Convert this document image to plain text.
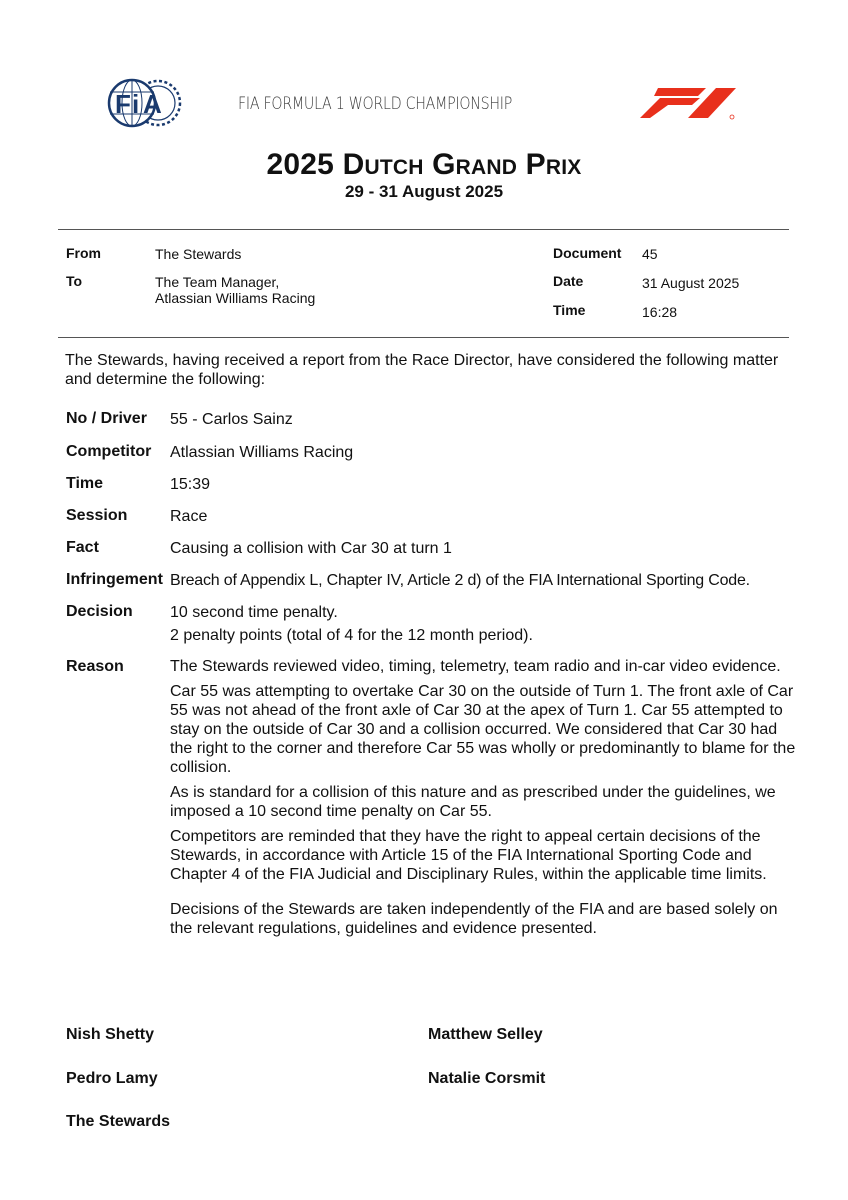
F i A	FIA FORMULA 1 WORLD CHAMPIONSHIP
2025 Dutch Grand Prix
29 - 31 August 2025
From	The Stewards
To	The Team Manager,
Atlassian Williams Racing
Document 45
Date	31 August 2025
Time	16:28
The Stewards, having received a report from the Race Director, have considered the following matter and determine the following:
No / Driver 55 - Carlos Sainz
Competitor Atlassian Williams Racing
Time	15:39
Session	Race
Fact	Causing a collision with Car 30 at turn 1
Infringement Breach of Appendix L, Chapter IV, Article 2 d) of the FIA International Sporting Code.
Decision 10 second time penalty.
2 penalty points (total of 4 for the 12 month period).
Reason	The Stewards reviewed video, timing, telemetry, team radio and in-car video evidence.

Car 55 was attempting to overtake Car 30 on the outside of Turn 1. The front axle of Car 55 was not ahead of the front axle of Car 30 at the apex of Turn 1. Car 55 attempted to stay on the outside of Car 30 and a collision occurred. We considered that Car 30 had the right to the corner and therefore Car 55 was wholly or predominantly to blame for the collision.

As is standard for a collision of this nature and as prescribed under the guidelines, we imposed a 10 second time penalty on Car 55.

Competitors are reminded that they have the right to appeal certain decisions of the Stewards, in accordance with Article 15 of the FIA International Sporting Code and Chapter 4 of the FIA Judicial and Disciplinary Rules, within the applicable time limits.

Decisions of the Stewards are taken independently of the FIA and are based solely on the relevant regulations, guidelines and evidence presented.

Nish Shetty	Matthew Selley
Pedro Lamy	Natalie Corsmit
The Stewards
